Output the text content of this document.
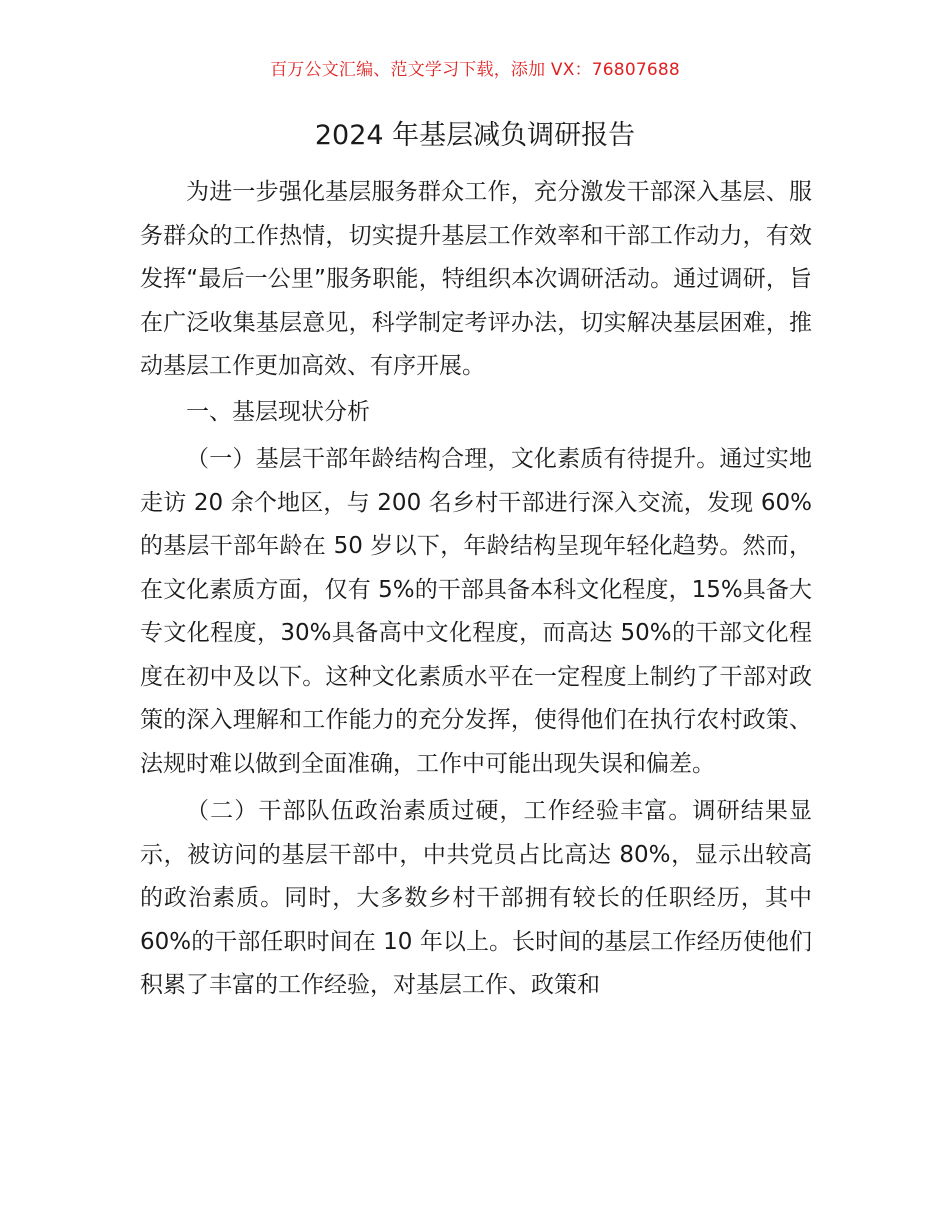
百万公文汇编、范文学习下载，添加 VX：76807688
2024 年基层减负调研报告

为进一步强化基层服务群众工作，充分激发干部深入基层、服务群众的工作热情，切实提升基层工作效率和干部工作动力，有效发挥“最后一公里”服务职能，特组织本次调研活动。通过调研，旨在广泛收集基层意见，科学制定考评办法，切实解决基层困难，推动基层工作更加高效、有序开展。

一、基层现状分析

（一）基层干部年龄结构合理，文化素质有待提升。通过实地走访 20 余个地区，与 200 名乡村干部进行深入交流，发现 60%的基层干部年龄在 50 岁以下，年龄结构呈现年轻化趋势。然而，在文化素质方面，仅有 5%的干部具备本科文化程度，15%具备大专文化程度，30%具备高中文化程度，而高达 50%的干部文化程度在初中及以下。这种文化素质水平在一定程度上制约了干部对政策的深入理解和工作能力的充分发挥，使得他们在执行农村政策、法规时难以做到全面准确，工作中可能出现失误和偏差。

（二）干部队伍政治素质过硬，工作经验丰富。调研结果显示，被访问的基层干部中，中共党员占比高达 80%，显示出较高的政治素质。同时，大多数乡村干部拥有较长的任职经历，其中 60%的干部任职时间在 10 年以上。长时间的基层工作经历使他们积累了丰富的工作经验，对基层工作、政策和
